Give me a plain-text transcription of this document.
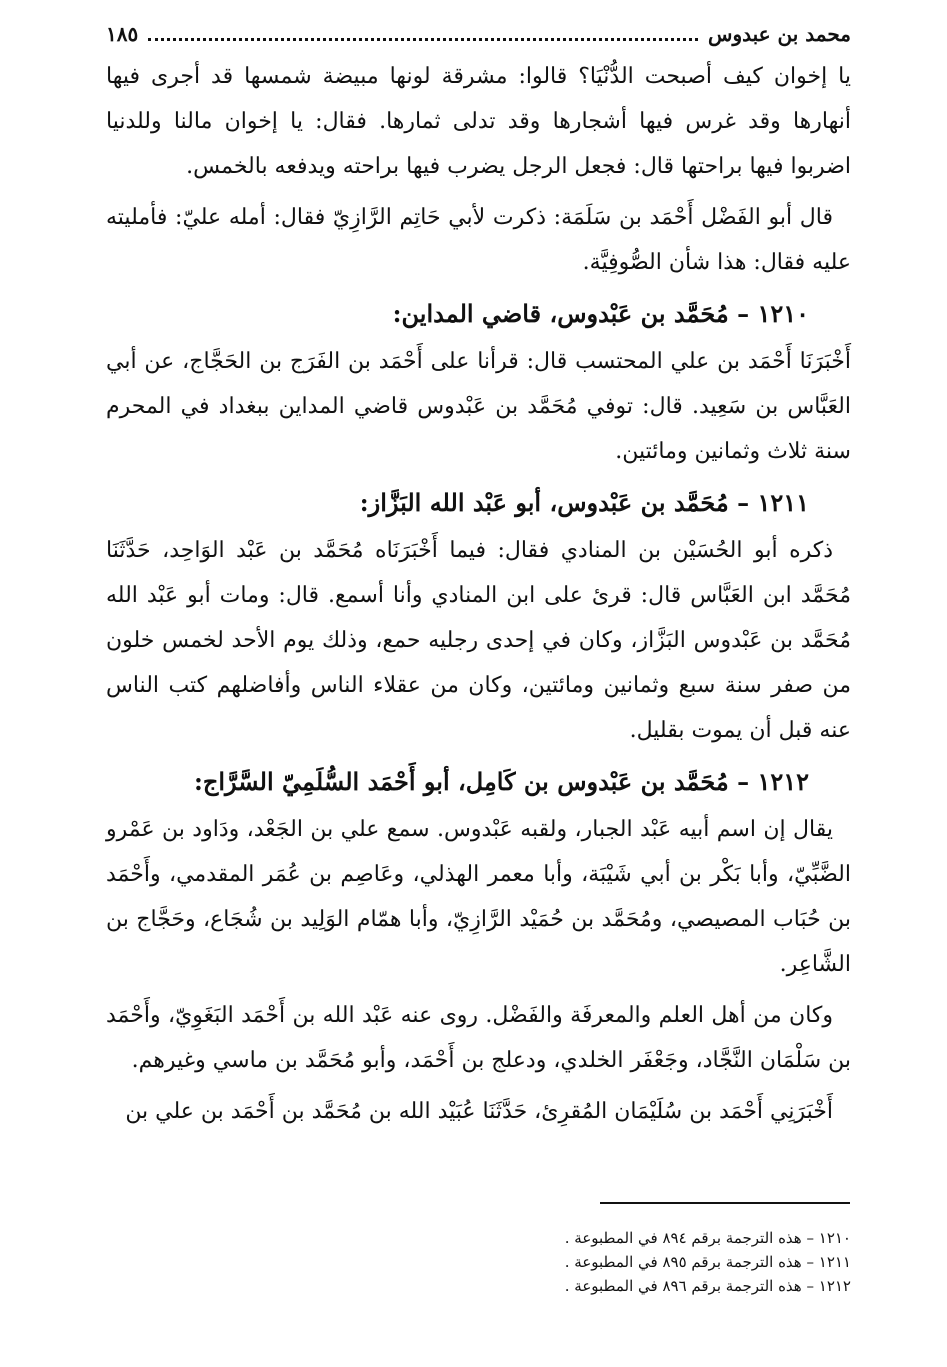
محمد بن عبدوس
١٨٥

يا إخوان كيف أصبحت الدُّنْيَا؟ قالوا: مشرقة لونها مبيضة شمسها قد أجرى فيها أنهارها وقد غرس فيها أشجارها وقد تدلى ثمارها. فقال: يا إخوان مالنا وللدنيا اضربوا فيها براحتها قال: فجعل الرجل يضرب فيها براحته ويدفعه بالخمس.

قال أبو الفَضْل أَحْمَد بن سَلَمَة: ذكرت لأبي حَاتِم الرَّازِيّ فقال: أمله عليّ: فأمليته عليه فقال: هذا شأن الصُّوفِيَّة.

١٢١٠ – مُحَمَّد بن عَبْدوس، قاضي المداين:

أَخْبَرَنَا أَحْمَد بن علي المحتسب قال: قرأنا على أَحْمَد بن الفَرَج بن الحَجَّاج، عن أبي العَبَّاس بن سَعِيد. قال: توفي مُحَمَّد بن عَبْدوس قاضي المداين ببغداد في المحرم سنة ثلاث وثمانين ومائتين.

١٢١١ – مُحَمَّد بن عَبْدوس، أبو عَبْد الله البَزَّاز:

ذكره أبو الحُسَيْن بن المنادي فقال: فيما أَخْبَرَنَاه مُحَمَّد بن عَبْد الوَاحِد، حَدَّثَنَا مُحَمَّد ابن العَبَّاس قال: قرئ على ابن المنادي وأنا أسمع. قال: ومات أبو عَبْد الله مُحَمَّد بن عَبْدوس البَزَّاز، وكان في إحدى رجليه حمع، وذلك يوم الأحد لخمس خلون من صفر سنة سبع وثمانين ومائتين، وكان من عقلاء الناس وأفاضلهم كتب الناس عنه قبل أن يموت بقليل.

١٢١٢ – مُحَمَّد بن عَبْدوس بن كَامِل، أبو أَحْمَد السُّلَمِيّ السَّرَّاج:

يقال إن اسم أبيه عَبْد الجبار، ولقبه عَبْدوس. سمع علي بن الجَعْد، ودَاود بن عَمْرو الضَّبِّيّ، وأبا بَكْر بن أبي شَيْبَة، وأبا معمر الهذلي، وعَاصِم بن عُمَر المقدمي، وأَحْمَد بن حُبَاب المصيصي، ومُحَمَّد بن حُمَيْد الرَّازِيّ، وأبا همّام الوَلِيد بن شُجَاع، وحَجَّاج بن الشَّاعِر.

وكان من أهل العلم والمعرفَة والفَضْل. روى عنه عَبْد الله بن أَحْمَد البَغَوِيّ، وأَحْمَد بن سَلْمَان النَّجَّاد، وجَعْفَر الخلدي، ودعلج بن أَحْمَد، وأبو مُحَمَّد بن ماسي وغيرهم.

أَخْبَرَنِي أَحْمَد بن سُلَيْمَان المُقرِئ، حَدَّثَنَا عُبَيْد الله بن مُحَمَّد بن أَحْمَد بن علي بن

١٢١٠ – هذه الترجمة برقم ٨٩٤ في المطبوعة .
١٢١١ – هذه الترجمة برقم ٨٩٥ في المطبوعة .
١٢١٢ – هذه الترجمة برقم ٨٩٦ في المطبوعة .
